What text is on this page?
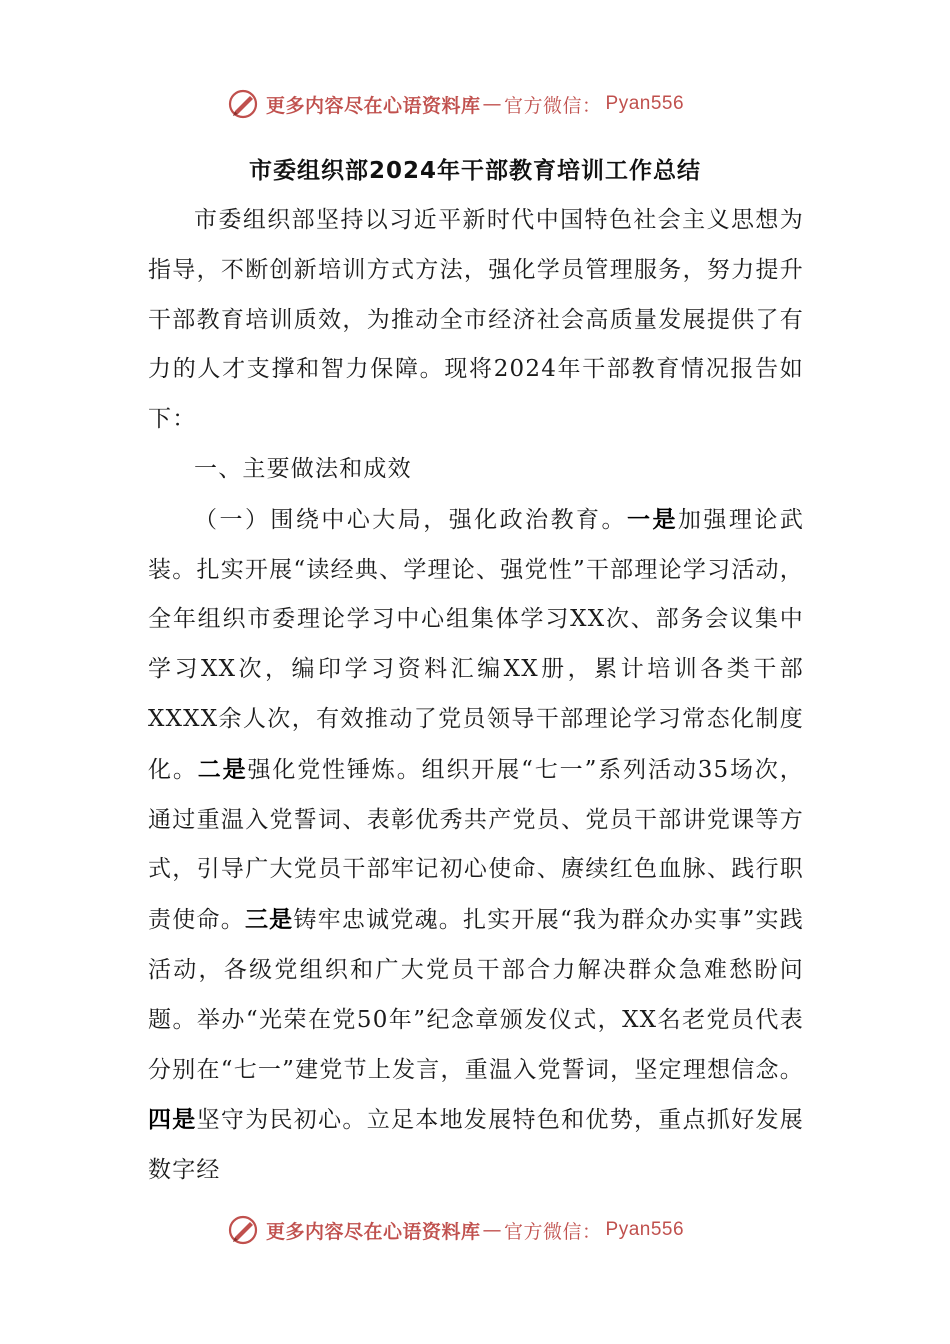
更多内容尽在心语资料库 — 官方微信： Pyan556
市委组织部2024年干部教育培训工作总结

市委组织部坚持以习近平新时代中国特色社会主义思想为指导，不断创新培训方式方法，强化学员管理服务，努力提升干部教育培训质效，为推动全市经济社会高质量发展提供了有力的人才支撑和智力保障。现将2024年干部教育情况报告如下：

一、主要做法和成效

（一）围绕中心大局，强化政治教育。一是加强理论武装。扎实开展“读经典、学理论、强党性”干部理论学习活动，全年组织市委理论学习中心组集体学习XX次、部务会议集中学习XX次，编印学习资料汇编XX册，累计培训各类干部XXXX余人次，有效推动了党员领导干部理论学习常态化制度化。二是强化党性锤炼。组织开展“七一”系列活动35场次，通过重温入党誓词、表彰优秀共产党员、党员干部讲党课等方式，引导广大党员干部牢记初心使命、赓续红色血脉、践行职责使命。三是铸牢忠诚党魂。扎实开展“我为群众办实事”实践活动，各级党组织和广大党员干部合力解决群众急难愁盼问题。举办“光荣在党50年”纪念章颁发仪式，XX名老党员代表分别在“七一”建党节上发言，重温入党誓词，坚定理想信念。四是坚守为民初心。立足本地发展特色和优势，重点抓好发展数字经

更多内容尽在心语资料库 — 官方微信： Pyan556
